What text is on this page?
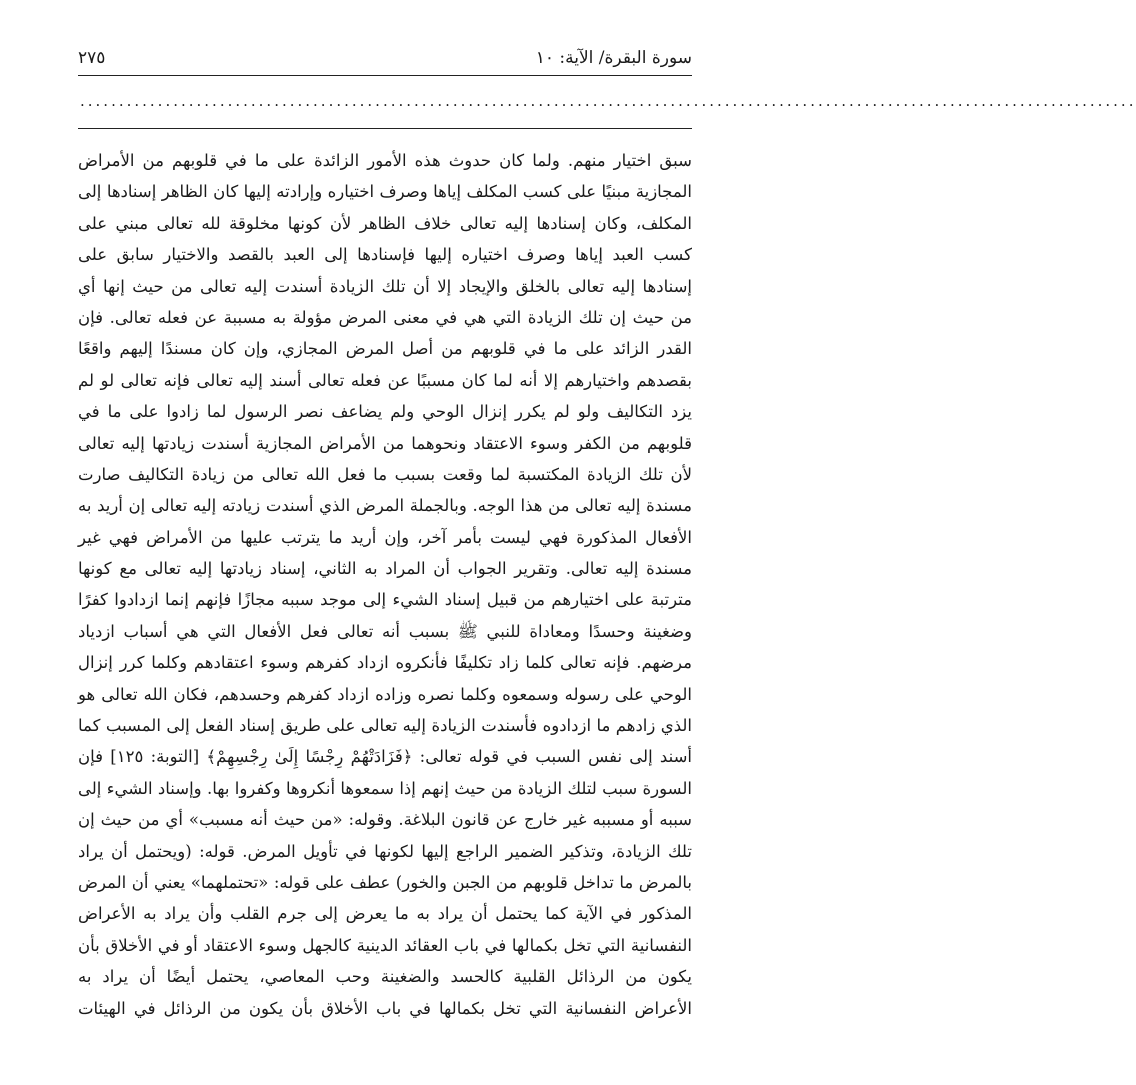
سورة البقرة/ الآية: ١٠
٢٧٥
........................................................................................................................................
سبق اختيار منهم. ولما كان حدوث هذه الأمور الزائدة على ما في قلوبهم من الأمراض
المجازية مبنيًا على كسب المكلف إياها وصرف اختياره وإرادته إليها كان الظاهر إسنادها إلى
المكلف، وكان إسنادها إليه تعالى خلاف الظاهر لأن كونها مخلوقة لله تعالى مبني على
كسب العبد إياها وصرف اختياره إليها فإسنادها إلى العبد بالقصد والاختيار سابق على
إسنادها إليه تعالى بالخلق والإيجاد إلا أن تلك الزيادة أسندت إليه تعالى من حيث إنها أي
من حيث إن تلك الزيادة التي هي في معنى المرض مؤولة به مسببة عن فعله تعالى. فإن
القدر الزائد على ما في قلوبهم من أصل المرض المجازي، وإن كان مسندًا إليهم واقعًا
بقصدهم واختيارهم إلا أنه لما كان مسببًا عن فعله تعالى أسند إليه تعالى فإنه تعالى لو لم
يزد التكاليف ولو لم يكرر إنزال الوحي ولم يضاعف نصر الرسول لما زادوا على ما في
قلوبهم من الكفر وسوء الاعتقاد ونحوهما من الأمراض المجازية أسندت زيادتها إليه تعالى
لأن تلك الزيادة المكتسبة لما وقعت بسبب ما فعل الله تعالى من زيادة التكاليف صارت
مسندة إليه تعالى من هذا الوجه. وبالجملة المرض الذي أسندت زيادته إليه تعالى إن أريد به
الأفعال المذكورة فهي ليست بأمر آخر، وإن أريد ما يترتب عليها من الأمراض فهي غير
مسندة إليه تعالى. وتقرير الجواب أن المراد به الثاني، إسناد زيادتها إليه تعالى مع كونها
مترتبة على اختيارهم من قبيل إسناد الشيء إلى موجد سببه مجازًا فإنهم إنما ازدادوا كفرًا
وضغينة وحسدًا ومعاداة للنبي ﷺ بسبب أنه تعالى فعل الأفعال التي هي أسباب ازدياد
مرضهم. فإنه تعالى كلما زاد تكليفًا فأنكروه ازداد كفرهم وسوء اعتقادهم وكلما كرر إنزال
الوحي على رسوله وسمعوه وكلما نصره وزاده ازداد كفرهم وحسدهم، فكان الله تعالى هو
الذي زادهم ما ازدادوه فأسندت الزيادة إليه تعالى على طريق إسناد الفعل إلى المسبب كما
أسند إلى نفس السبب في قوله تعالى: ﴿فَزَادَتْهُمْ رِجْسًا إِلَىٰ رِجْسِهِمْ﴾ [التوبة: ١٢٥] فإن
السورة سبب لتلك الزيادة من حيث إنهم إذا سمعوها أنكروها وكفروا بها. وإسناد الشيء إلى
سببه أو مسببه غير خارج عن قانون البلاغة. وقوله: «من حيث أنه مسبب» أي من حيث إن
تلك الزيادة، وتذكير الضمير الراجع إليها لكونها في تأويل المرض. قوله: (ويحتمل أن يراد
بالمرض ما تداخل قلوبهم من الجبن والخور) عطف على قوله: «تحتملهما» يعني أن المرض
المذكور في الآية كما يحتمل أن يراد به ما يعرض إلى جرم القلب وأن يراد به الأعراض
النفسانية التي تخل بكمالها في باب العقائد الدينية كالجهل وسوء الاعتقاد أو في الأخلاق بأن
يكون من الرذائل القلبية كالحسد والضغينة وحب المعاصي، يحتمل أيضًا أن يراد به
الأعراض النفسانية التي تخل بكمالها في باب الأخلاق بأن يكون من الرذائل في الهيئات
